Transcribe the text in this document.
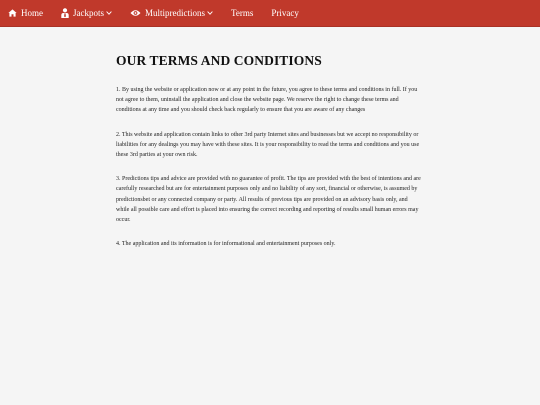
Home	Jackpots	Multipredictions	Terms Privacy
OUR TERMS AND CONDITIONS

1. By using the website or application now or at any point in the future, you agree to these terms and conditions in full. If you not agree to them, uninstall the application and close the website page. We reserve the right to change these terms and conditions at any time and you should check back regularly to ensure that you are aware of any changes

2. This website and application contain links to other 3rd party Internet sites and businesses but we accept no responsibility or liabilities for any dealings you may have with these sites. It is your responsibility to read the terms and conditions and you use these 3rd parties at your own risk.

3. Predictions tips and advice are provided with no guarantee of profit. The tips are provided with the best of intentions and are carefully researched but are for entertainment purposes only and no liability of any sort, financial or otherwise, is assumed by predictionsbet or any connected company or party. All results of previous tips are provided on an advisory basis only, and while all possible care and effort is placed into ensuring the correct recording and reporting of results small human errors may occur.

4. The application and its information is for informational and entertainment purposes only.
